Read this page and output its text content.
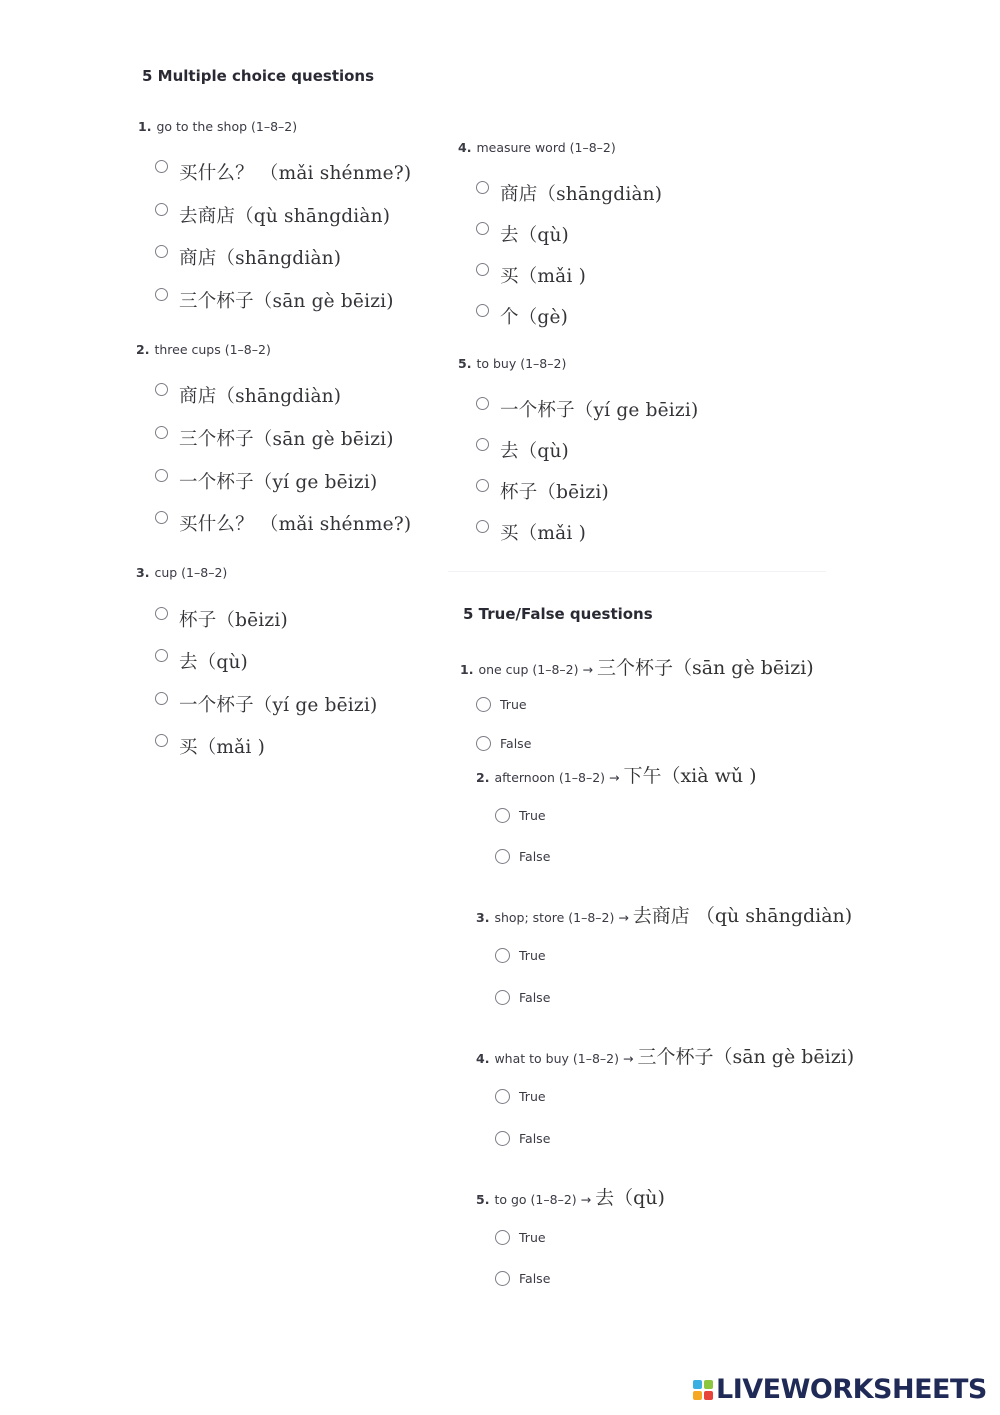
5 Multiple choice questions
1. go to the shop (1–8–2)
买什么？ （mǎi shénme?)
去商店（qù shāngdiàn)
商店（shāngdiàn)
三个杯子（sān gè bēizi)
2. three cups (1–8–2)
商店（shāngdiàn)
三个杯子（sān gè bēizi)
一个杯子（yí ge bēizi)
买什么？ （mǎi shénme?)
3. cup (1–8–2)
杯子（bēizi)
去（qù)
一个杯子（yí ge bēizi)
买（mǎi )
4. measure word (1–8–2)
商店（shāngdiàn)
去（qù)
买（mǎi )
个（gè)
5. to buy (1–8–2)
一个杯子（yí ge bēizi)
去（qù)
杯子（bēizi)
买（mǎi )
5 True/False questions
1. one cup (1–8–2) → 三个杯子（sān gè bēizi)
True
False
2. afternoon (1–8–2) → 下午（xià wǔ )
True
False
3. shop; store (1–8–2) → 去商店 （qù shāngdiàn)
True
False
4. what to buy (1–8–2) → 三个杯子（sān gè bēizi)
True
False
5. to go (1–8–2) → 去（qù)
True
False
LIVEWORKSHEETS
